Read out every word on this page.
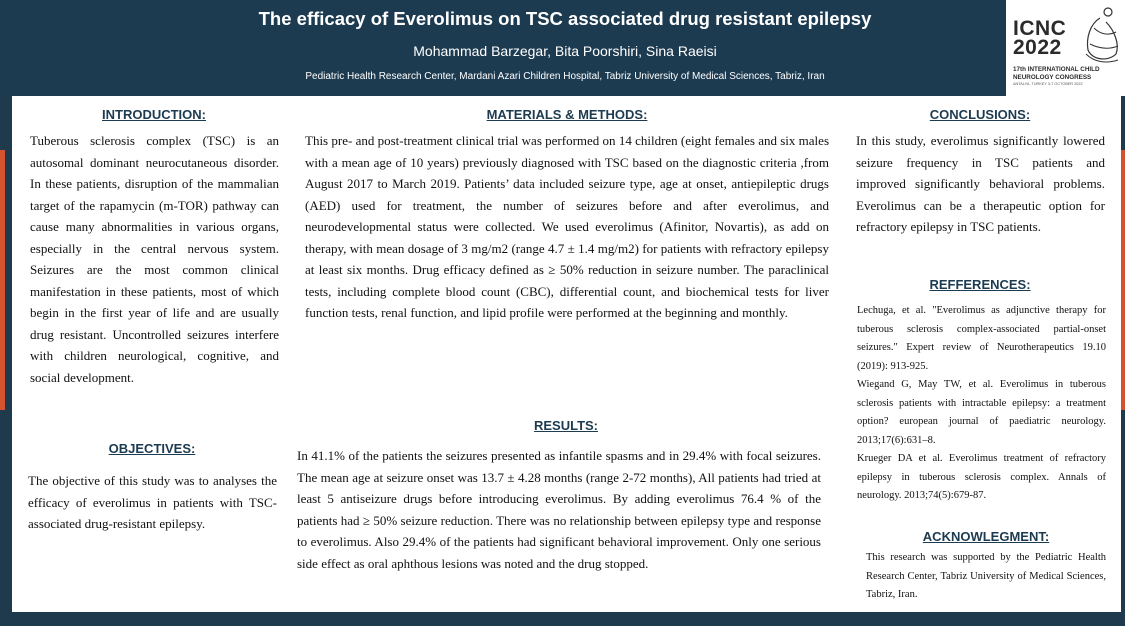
The efficacy of Everolimus on TSC associated drug resistant epilepsy
Mohammad Barzegar, Bita Poorshiri, Sina Raeisi
Pediatric Health Research Center, Mardani Azari Children Hospital, Tabriz University of Medical Sciences, Tabriz, Iran
ICNC
2022
17th INTERNATIONAL CHILD
NEUROLOGY CONGRESS
ANTALYA, TURKEY 3-7 OCTOBER 2022
INTRODUCTION:

Tuberous sclerosis complex (TSC) is an autosomal dominant neurocutaneous disorder. In these patients, disruption of the mammalian target of the rapamycin (m-TOR) pathway can cause many abnormalities in various organs, especially in the central nervous system. Seizures are the most common clinical manifestation in these patients, most of which begin in the first year of life and are usually drug resistant. Uncontrolled seizures interfere with children neurological, cognitive, and social development.

OBJECTIVES:

The objective of this study was to analyses the efficacy of everolimus in patients with TSC- associated drug-resistant epilepsy.

MATERIALS & METHODS:

This pre- and post-treatment clinical trial was performed on 14 children (eight females and six males with a mean age of 10 years) previously diagnosed with TSC based on the diagnostic criteria ,from August 2017 to March 2019. Patients’ data included seizure type, age at onset, antiepileptic drugs (AED) used for treatment, the number of seizures before and after everolimus, and neurodevelopmental status were collected. We used everolimus (Afinitor, Novartis), as add on therapy, with mean dosage of 3 mg/m2 (range 4.7 ± 1.4 mg/m2) for patients with refractory epilepsy at least six months. Drug efficacy defined as ≥ 50% reduction in seizure number. The paraclinical tests, including complete blood count (CBC), differential count, and biochemical tests for liver function tests, renal function, and lipid profile were performed at the beginning and monthly.

RESULTS:

In 41.1% of the patients the seizures presented as infantile spasms and in 29.4% with focal seizures. The mean age at seizure onset was 13.7 ± 4.28 months (range 2-72 months), All patients had tried at least 5 antiseizure drugs before introducing everolimus. By adding everolimus 76.4 % of the patients had ≥ 50% seizure reduction. There was no relationship between epilepsy type and response to everolimus. Also 29.4% of the patients had significant behavioral improvement. Only one serious side effect as oral aphthous lesions was noted and the drug stopped.

CONCLUSIONS:

In this study, everolimus significantly lowered seizure frequency in TSC patients and improved significantly behavioral problems. Everolimus can be a therapeutic option for refractory epilepsy in TSC patients.

REFFERENCES:

Lechuga, et al. "Everolimus as adjunctive therapy for tuberous sclerosis complex-associated partial-onset seizures." Expert review of Neurotherapeutics 19.10 (2019): 913-925.

Wiegand G, May TW, et al. Everolimus in tuberous sclerosis patients with intractable epilepsy: a treatment option? european journal of paediatric neurology. 2013;17(6):631–8.

Krueger DA et al. Everolimus treatment of refractory epilepsy in tuberous sclerosis complex. Annals of neurology. 2013;74(5):679-87.

ACKNOWLEGMENT:

This research was supported by the Pediatric Health Research Center, Tabriz University of Medical Sciences, Tabriz, Iran.
